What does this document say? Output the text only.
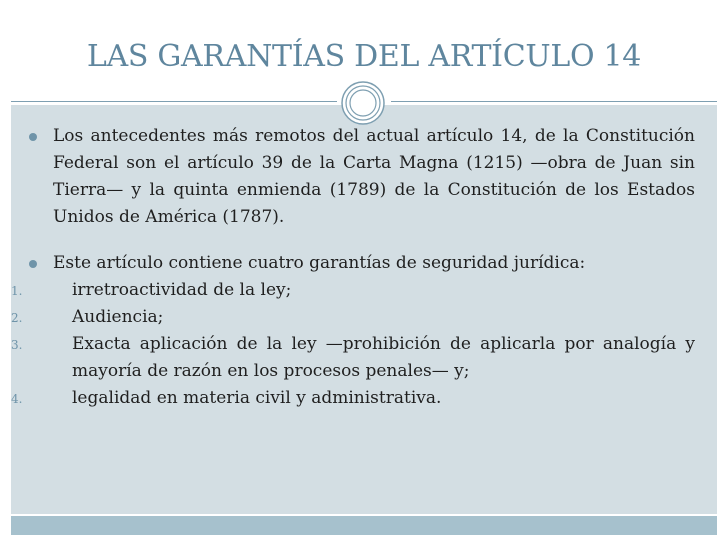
LAS GARANTÍAS DEL ARTÍCULO 14

Los antecedentes más remotos del actual artículo 14, de la Constitución Federal son el artículo 39 de la Carta Magna (1215) —obra de Juan sin Tierra— y la quinta enmienda (1789) de la Constitución de los Estados Unidos de América (1787).

Este artículo contiene cuatro garantías de seguridad jurídica:

1.	irretroactividad de la ley;
2.	Audiencia;
3.	Exacta aplicación de la ley —prohibición de aplicarla por analogía y mayoría de razón en los procesos penales— y;
4.	legalidad en materia civil y administrativa.
